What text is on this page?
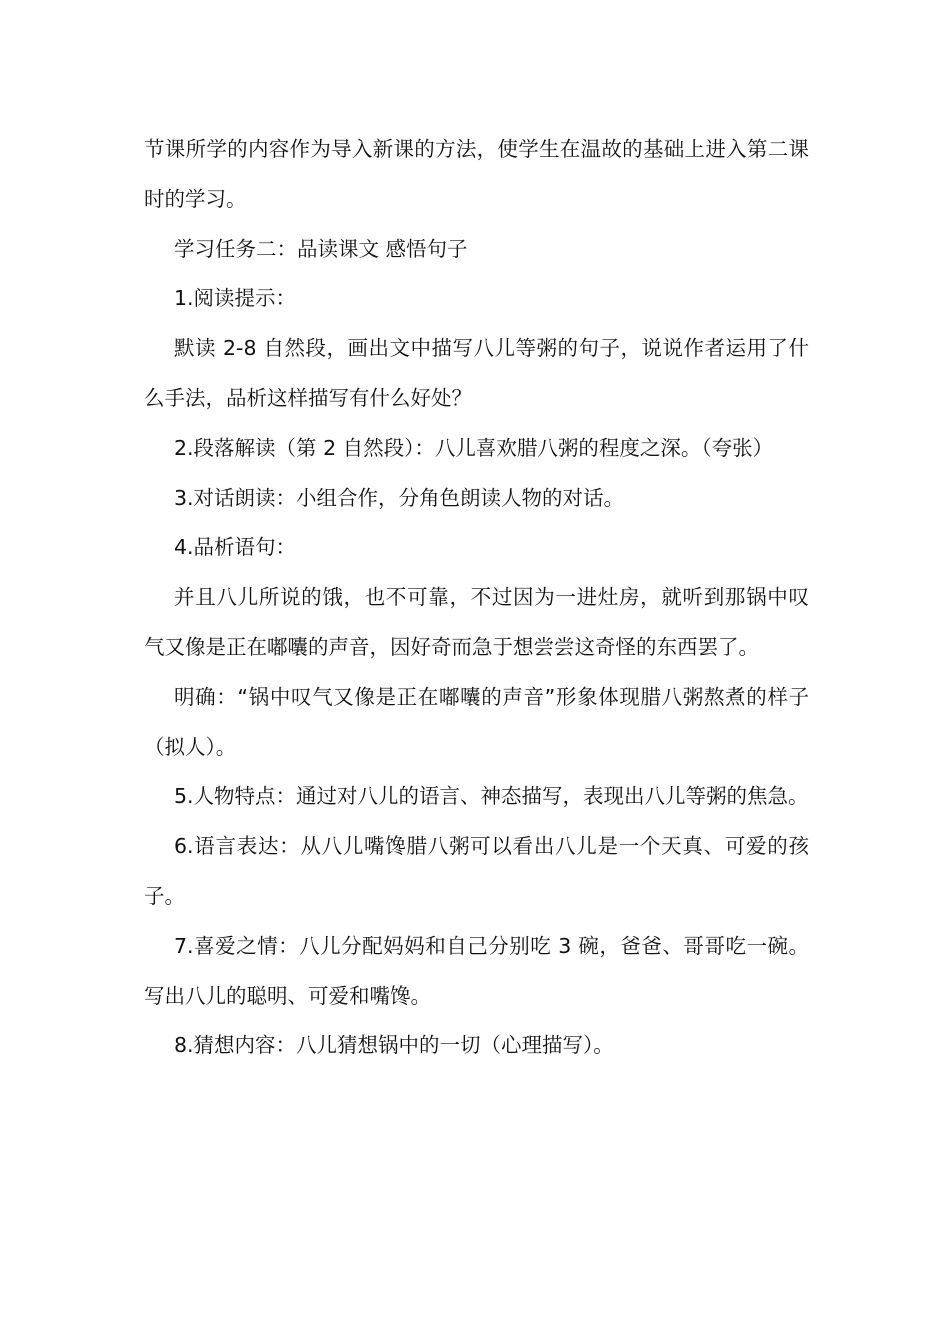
节课所学的内容作为导入新课的方法，使学生在温故的基础上进入第二课时的学习。

学习任务二：品读课文 感悟句子

1.阅读提示：

默读 2-8 自然段，画出文中描写八儿等粥的句子，说说作者运用了什么手法，品析这样描写有什么好处？

2.段落解读（第 2 自然段）：八儿喜欢腊八粥的程度之深。（夸张）

3.对话朗读：小组合作，分角色朗读人物的对话。

4.品析语句：

并且八儿所说的饿，也不可靠，不过因为一进灶房，就听到那锅中叹气又像是正在嘟囔的声音，因好奇而急于想尝尝这奇怪的东西罢了。

明确：“锅中叹气又像是正在嘟囔的声音”形象体现腊八粥熬煮的样子（拟人）。

5.人物特点：通过对八儿的语言、神态描写，表现出八儿等粥的焦急。

6.语言表达：从八儿嘴馋腊八粥可以看出八儿是一个天真、可爱的孩子。

7.喜爱之情：八儿分配妈妈和自己分别吃 3 碗，爸爸、哥哥吃一碗。写出八儿的聪明、可爱和嘴馋。

8.猜想内容：八儿猜想锅中的一切（心理描写）。
